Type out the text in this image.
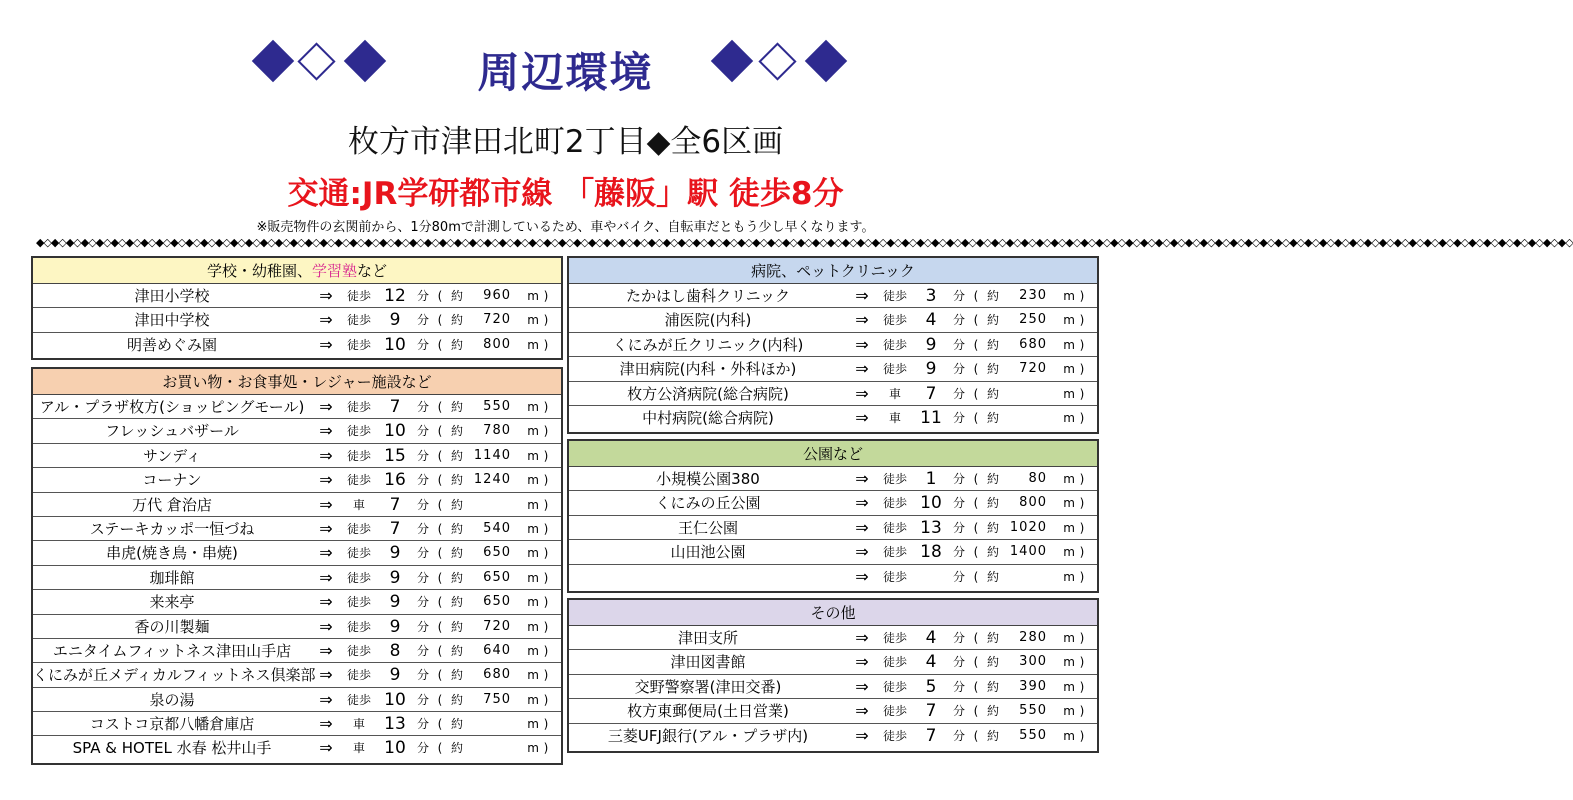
周辺環境
枚方市津田北町2丁目◆全6区画
交通:JR学研都市線 「藤阪」駅 徒歩8分
※販売物件の玄関前から、1分80mで計測しているため、車やバイク、自転車だともう少し早くなります。
◆◇◆◇◆◇◆◇◆◇◆◇◆◇◆◇◆◇◆◇◆◇◆◇◆◇◆◇◆◇◆◇◆◇◆◇◆◇◆◇◆◇◆◇◆◇◆◇◆◇◆◇◆◇◆◇◆◇◆◇◆◇◆◇◆◇◆◇◆◇◆◇◆◇◆◇◆◇◆◇◆◇◆◇◆◇◆◇◆◇◆◇◆◇◆◇◆◇◆◇◆◇◆◇◆◇◆◇◆◇◆◇◆◇◆◇◆◇◆◇◆◇◆◇◆◇◆◇◆◇◆◇◆◇◆◇◆◇◆◇◆◇◆◇◆◇◆◇◆◇◆◇◆◇◆◇◆◇◆◇◆◇◆◇◆◇◆◇◆◇◆◇◆◇◆◇◆◇◆◇◆◇◆◇◆◇◆◇◆◇◆◇◆◇◆◇◆◇◆◇◆◇◆◇◆◇
学校・幼稚園、学習塾など
津田小学校	⇒	徒歩 12 分 ( 約	960	m )
津田中学校	⇒	徒歩	9	分 ( 約	720	m )
明善めぐみ園	⇒	徒歩 10 分 ( 約	800	m )
お買い物・お食事処・レジャー施設など
アル・プラザ枚方(ショッピングモール) ⇒	徒歩	7	分 ( 約	550	m )
フレッシュバザール	⇒	徒歩 10 分 ( 約	780	m )
サンディ	⇒	徒歩 15 分 ( 約 1140	m )
コーナン	⇒	徒歩 16 分 ( 約 1240	m )
万代 倉治店	⇒	車	7	分 ( 約	m )
ステーキカッポ一恒づね	⇒	徒歩	7	分 ( 約	540	m )
串虎(焼き鳥・串焼)	⇒	徒歩	9	分 ( 約	650	m )
珈琲館	⇒	徒歩	9	分 ( 約	650	m )
来来亭	⇒	徒歩	9	分 ( 約	650	m )
香の川製麺	⇒	徒歩	9	分 ( 約	720	m )
エニタイムフィットネス津田山手店	⇒	徒歩	8	分 ( 約	640	m )
くにみが丘メディカルフィットネス倶楽部 ⇒	徒歩	9	分 ( 約	680	m )
泉の湯	⇒	徒歩 10 分 ( 約	750	m )
コストコ京都八幡倉庫店	⇒	車	13 分 ( 約	m )
SPA & HOTEL 水春 松井山手	⇒	車	10 分 ( 約	m )
病院、ペットクリニック
たかはし歯科クリニック	⇒	徒歩	3	分 ( 約	230	m )
浦医院(内科)	⇒	徒歩	4	分 ( 約	250	m )
くにみが丘クリニック(内科)	⇒	徒歩	9	分 ( 約	680	m )
津田病院(内科・外科ほか)	⇒	徒歩	9	分 ( 約	720	m )
枚方公済病院(総合病院)	⇒	車	7	分 ( 約	m )
中村病院(総合病院)	⇒	車	11 分 ( 約	m )
公園など
小規模公園380	⇒	徒歩	1	分 ( 約	80	m )
くにみの丘公園	⇒	徒歩 10 分 ( 約	800	m )
王仁公園	⇒	徒歩 13 分 ( 約 1020	m )
山田池公園	⇒	徒歩 18 分 ( 約 1400	m )
⇒	徒歩	分 ( 約	m )
その他
津田支所	⇒	徒歩	4	分 ( 約	280	m )
津田図書館	⇒	徒歩	4	分 ( 約	300	m )
交野警察署(津田交番)	⇒	徒歩	5	分 ( 約	390	m )
枚方東郵便局(土日営業)	⇒	徒歩	7	分 ( 約	550	m )
三菱UFJ銀行(アル・プラザ内)	⇒	徒歩	7	分 ( 約	550	m )
